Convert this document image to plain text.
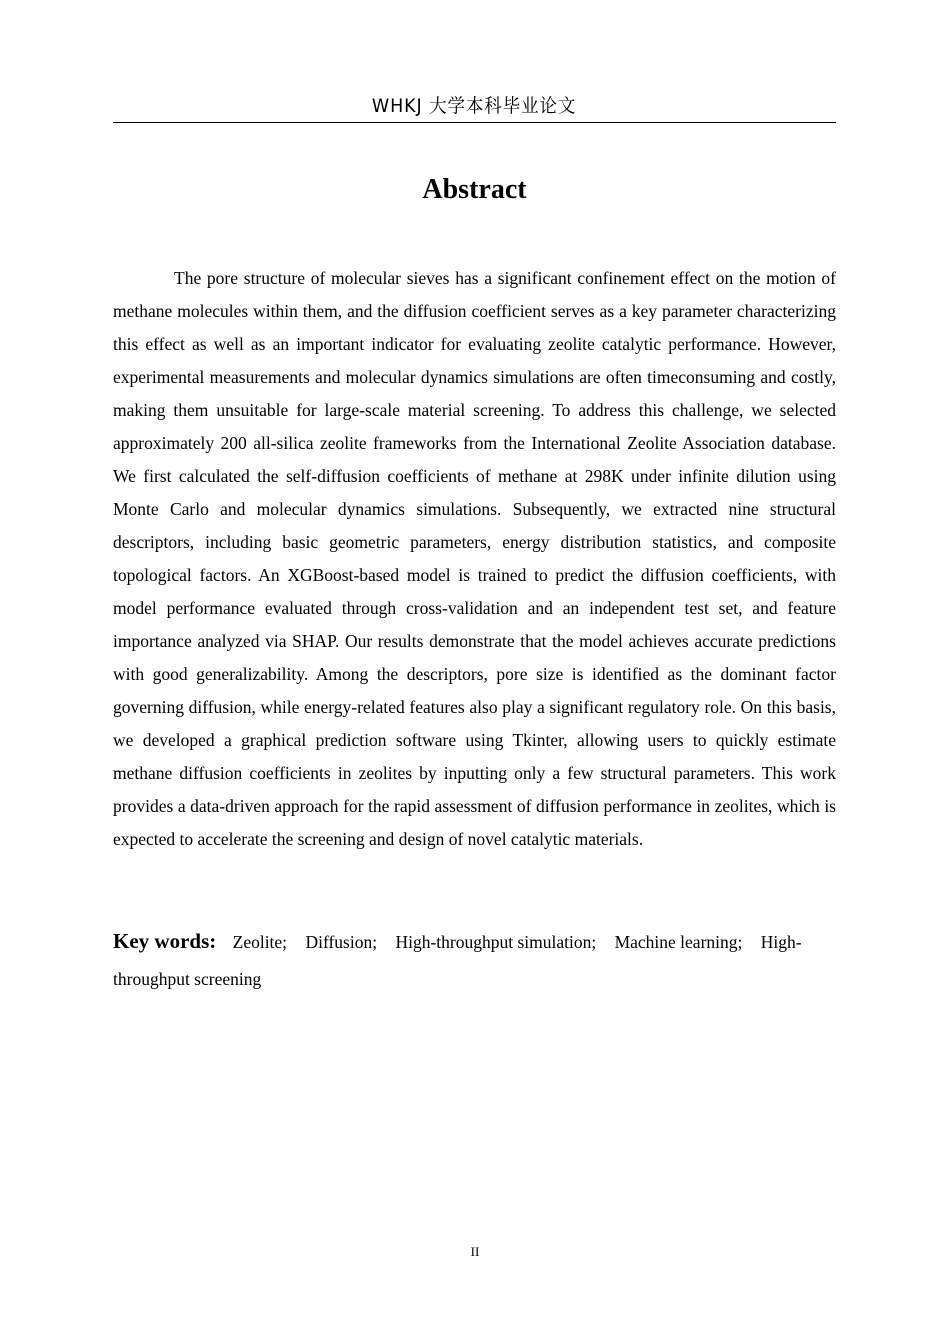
WHKJ 大学本科毕业论文
Abstract

The pore structure of molecular sieves has a significant confinement effect on the motion of methane molecules within them, and the diffusion coefficient serves as a key parameter characterizing this effect as well as an important indicator for evaluating zeolite catalytic performance. However, experimental measurements and molecular dynamics simulations are often timeconsuming and costly, making them unsuitable for large-scale material screening. To address this challenge, we selected approximately 200 all-silica zeolite frameworks from the International Zeolite Association database. We first calculated the self-diffusion coefficients of methane at 298K under infinite dilution using Monte Carlo and molecular dynamics simulations. Subsequently, we extracted nine structural descriptors, including basic geometric parameters, energy distribution statistics, and composite topological factors. An XGBoost-based model is trained to predict the diffusion coefficients, with model performance evaluated through cross-validation and an independent test set, and feature importance analyzed via SHAP. Our results demonstrate that the model achieves accurate predictions with good generalizability. Among the descriptors, pore size is identified as the dominant factor governing diffusion, while energy-related features also play a significant regulatory role. On this basis, we developed a graphical prediction software using Tkinter, allowing users to quickly estimate methane diffusion coefficients in zeolites by inputting only a few structural parameters. This work provides a data-driven approach for the rapid assessment of diffusion performance in zeolites, which is expected to accelerate the screening and design of novel catalytic materials.

Key words: Zeolite; Diffusion; High-throughput simulation; Machine learning; High-throughput screening

II
